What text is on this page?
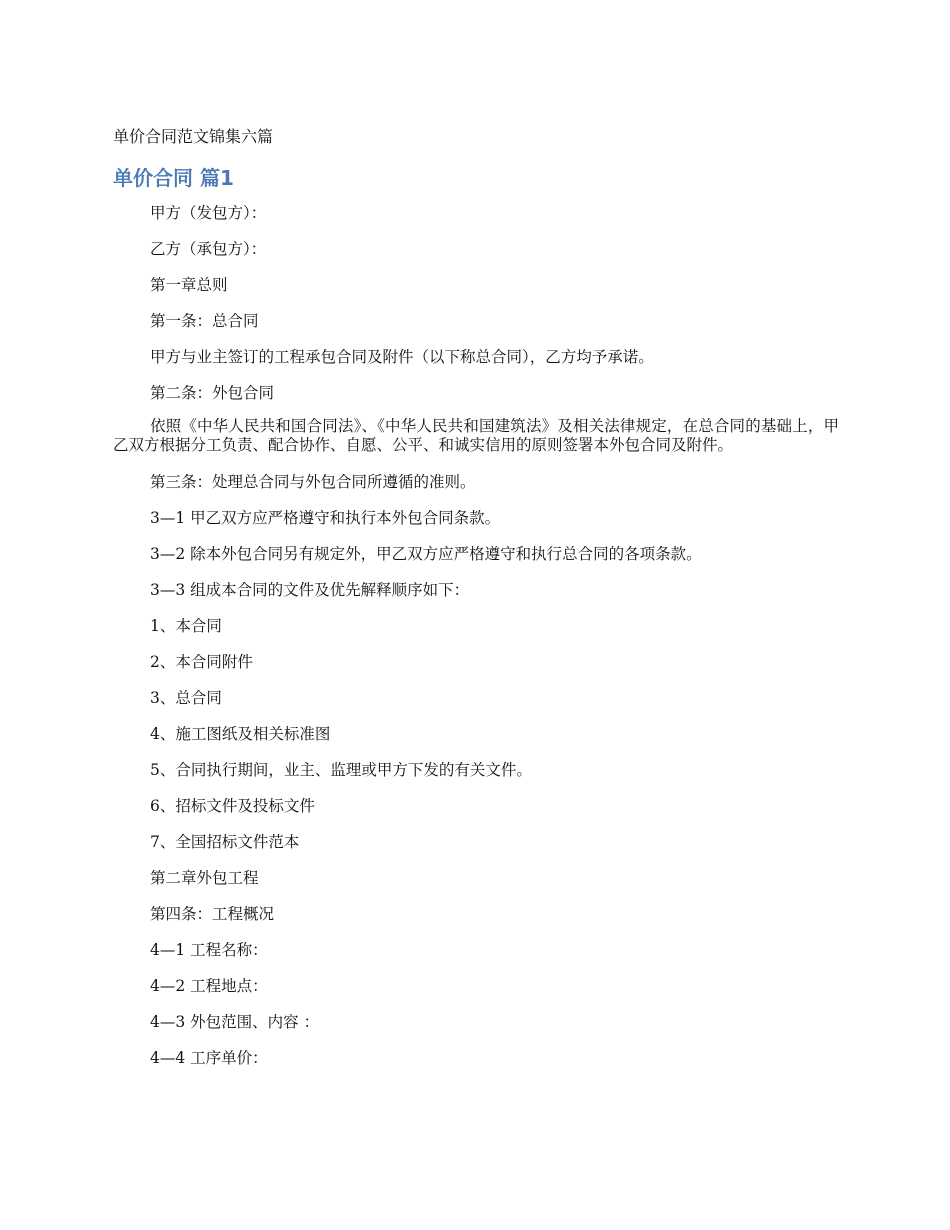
单价合同范文锦集六篇
单价合同 篇1

甲方（发包方）：

乙方（承包方）：

第一章总则

第一条：总合同

甲方与业主签订的工程承包合同及附件（以下称总合同），乙方均予承诺。

第二条：外包合同

依照《中华人民共和国合同法》、《中华人民共和国建筑法》及相关法律规定，在总合同的基础上，甲乙双方根据分工负责、配合协作、自愿、公平、和诚实信用的原则签署本外包合同及附件。

第三条：处理总合同与外包合同所遵循的准则。

3—1 甲乙双方应严格遵守和执行本外包合同条款。

3—2 除本外包合同另有规定外，甲乙双方应严格遵守和执行总合同的各项条款。

3—3 组成本合同的文件及优先解释顺序如下：

1、本合同

2、本合同附件

3、总合同

4、施工图纸及相关标准图

5、合同执行期间，业主、监理或甲方下发的有关文件。

6、招标文件及投标文件

7、全国招标文件范本

第二章外包工程

第四条：工程概况

4—1 工程名称：

4—2 工程地点：

4—3 外包范围、内容 ：

4—4 工序单价：
